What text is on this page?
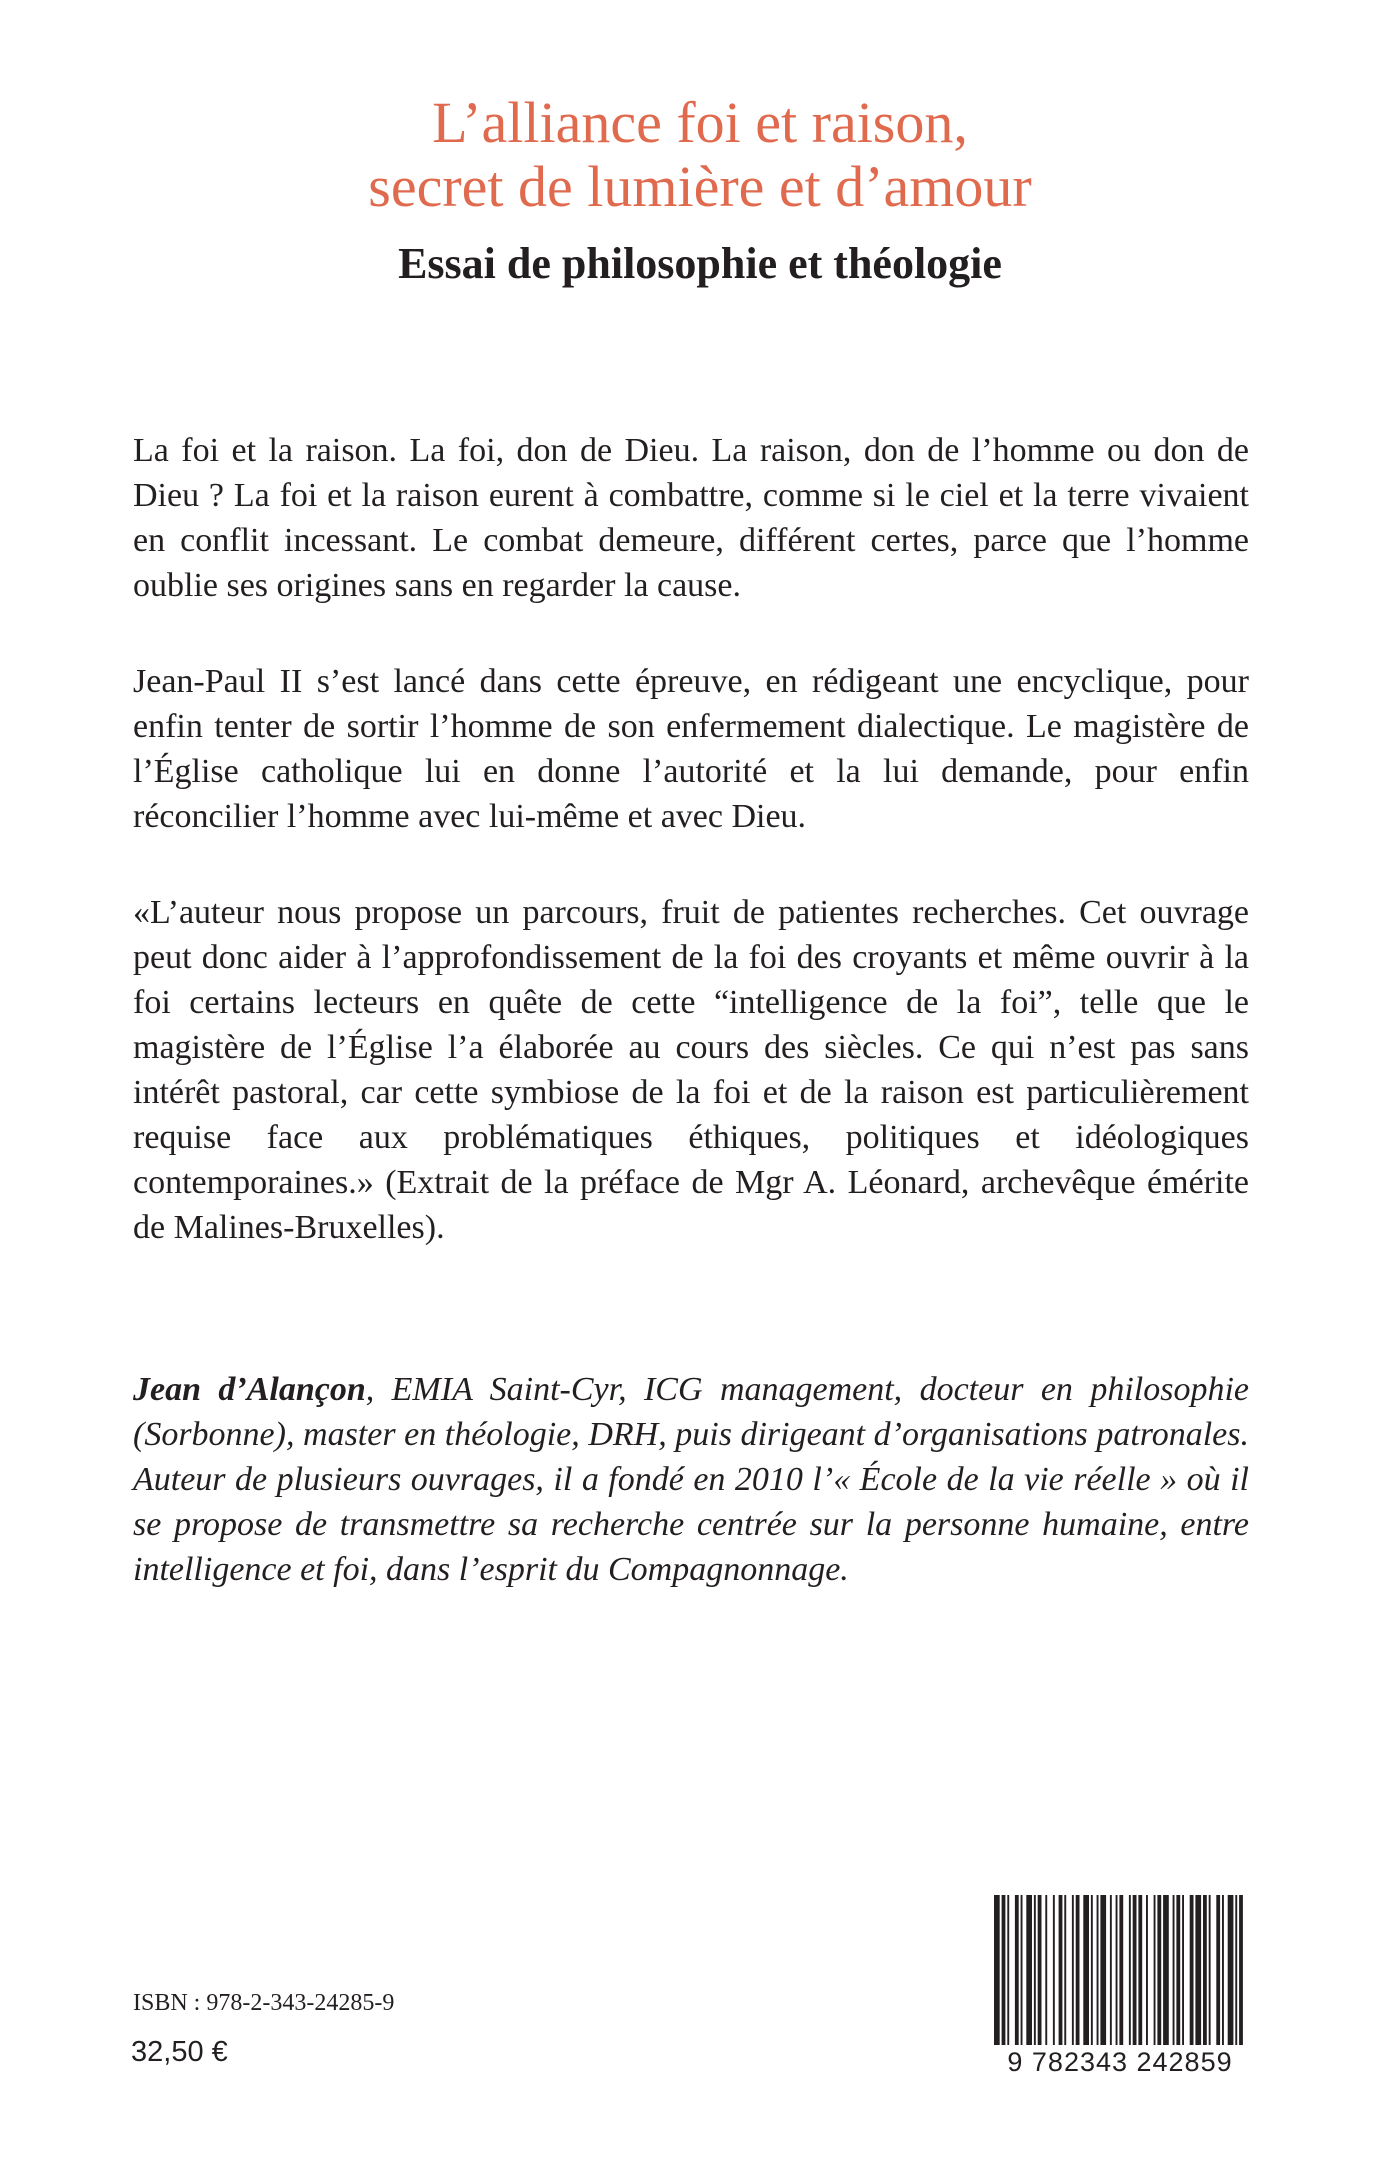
L’alliance foi et raison,
secret de lumière et d’amour
Essai de philosophie et théologie

La foi et la raison. La foi, don de Dieu. La raison, don de l’homme ou don de Dieu ? La foi et la raison eurent à combattre, comme si le ciel et la terre vivaient en conflit incessant. Le combat demeure, différent certes, parce que l’homme oublie ses origines sans en regarder la cause.

Jean-Paul II s’est lancé dans cette épreuve, en rédigeant une encyclique, pour enfin tenter de sortir l’homme de son enfermement dialectique. Le magistère de l’Église catholique lui en donne l’autorité et la lui demande, pour enfin réconcilier l’homme avec lui-même et avec Dieu.

«L’auteur nous propose un parcours, fruit de patientes recherches. Cet ouvrage peut donc aider à l’approfondissement de la foi des croyants et même ouvrir à la foi certains lecteurs en quête de cette “intelligence de la foi”, telle que le magistère de l’Église l’a élaborée au cours des siècles. Ce qui n’est pas sans intérêt pastoral, car cette symbiose de la foi et de la raison est particulièrement requise face aux problématiques éthiques, politiques et idéologiques contemporaines.» (Extrait de la préface de Mgr A. Léonard, archevêque émérite de Malines-Bruxelles).

Jean d’Alançon, EMIA Saint-Cyr, ICG management, docteur en philosophie (Sorbonne), master en théologie, DRH, puis dirigeant d’organisations patronales. Auteur de plusieurs ouvrages, il a fondé en 2010 l’« École de la vie réelle » où il se propose de transmettre sa recherche centrée sur la personne humaine, entre intelligence et foi, dans l’esprit du Compagnonnage.

ISBN : 978-2-343-24285-9

32,50 €	9 782343 242859
